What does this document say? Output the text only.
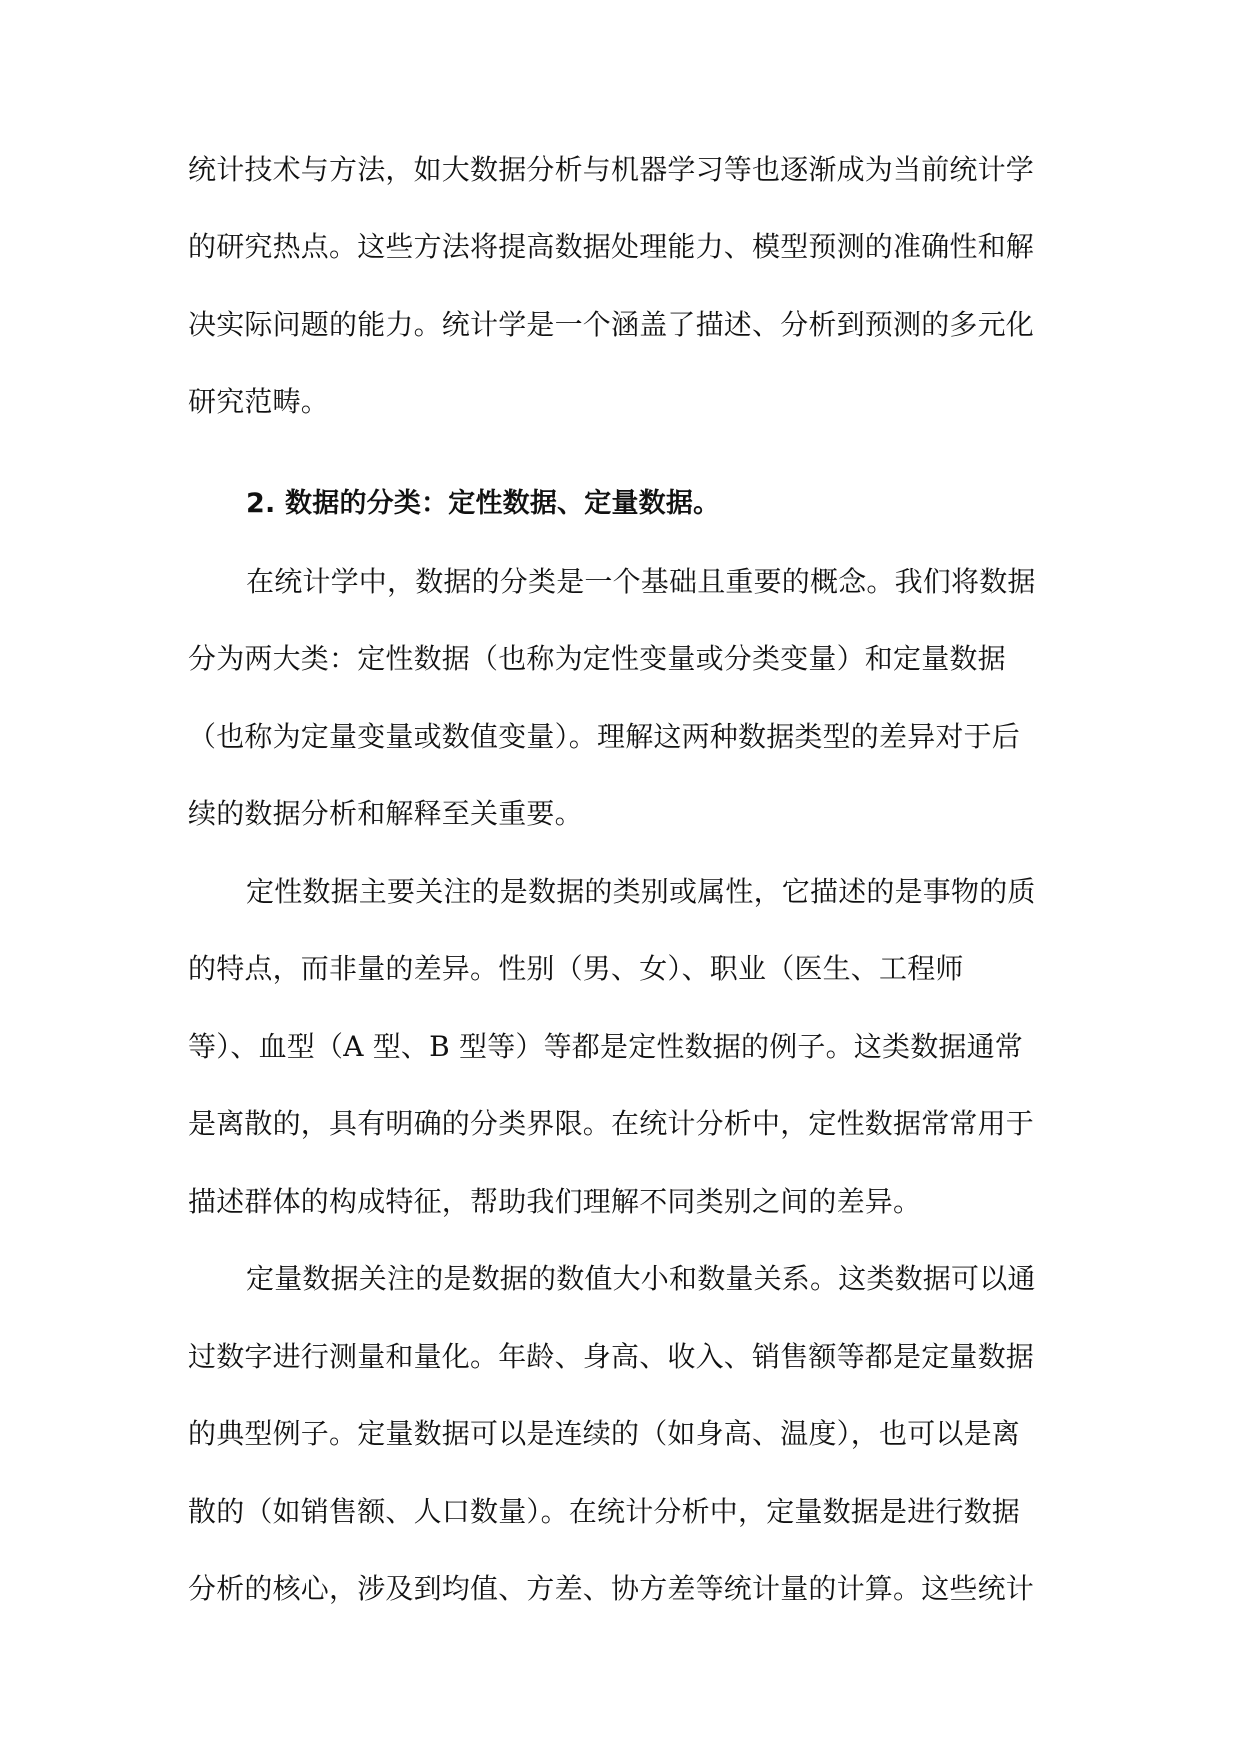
统计技术与方法，如大数据分析与机器学习等也逐渐成为当前统计学
的研究热点。这些方法将提高数据处理能力、模型预测的准确性和解
决实际问题的能力。统计学是一个涵盖了描述、分析到预测的多元化
研究范畴。
2. 数据的分类：定性数据、定量数据。
在统计学中，数据的分类是一个基础且重要的概念。我们将数据
分为两大类：定性数据（也称为定性变量或分类变量）和定量数据
（也称为定量变量或数值变量）。理解这两种数据类型的差异对于后
续的数据分析和解释至关重要。
定性数据主要关注的是数据的类别或属性，它描述的是事物的质
的特点，而非量的差异。性别（男、女）、职业（医生、工程师
等）、血型（A 型、B 型等）等都是定性数据的例子。这类数据通常
是离散的，具有明确的分类界限。在统计分析中，定性数据常常用于
描述群体的构成特征，帮助我们理解不同类别之间的差异。
定量数据关注的是数据的数值大小和数量关系。这类数据可以通
过数字进行测量和量化。年龄、身高、收入、销售额等都是定量数据
的典型例子。定量数据可以是连续的（如身高、温度），也可以是离
散的（如销售额、人口数量）。在统计分析中，定量数据是进行数据
分析的核心，涉及到均值、方差、协方差等统计量的计算。这些统计
